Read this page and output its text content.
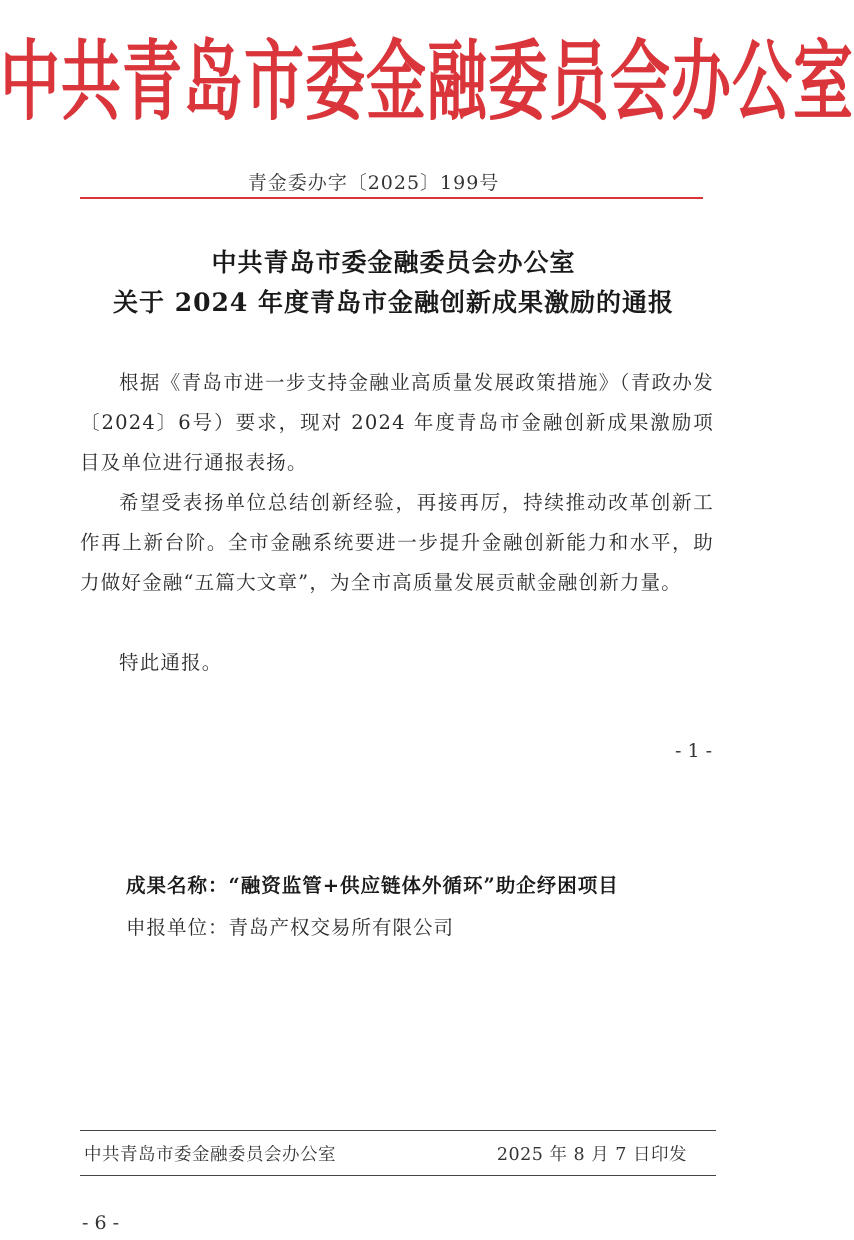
中共青岛市委金融委员会办公室
青金委办字〔2025〕199号
中共青岛市委金融委员会办公室
关于 2024 年度青岛市金融创新成果激励的通报
根据《青岛市进一步支持金融业高质量发展政策措施》（青政办发〔2024〕6号）要求，现对 2024 年度青岛市金融创新成果激励项目及单位进行通报表扬。
希望受表扬单位总结创新经验，再接再厉，持续推动改革创新工作再上新台阶。全市金融系统要进一步提升金融创新能力和水平，助力做好金融“五篇大文章”，为全市高质量发展贡献金融创新力量。
特此通报。
- 1 -
成果名称：“融资监管+供应链体外循环”助企纾困项目
申报单位：青岛产权交易所有限公司
中共青岛市委金融委员会办公室	2025 年 8 月 7 日印发
- 6 -
